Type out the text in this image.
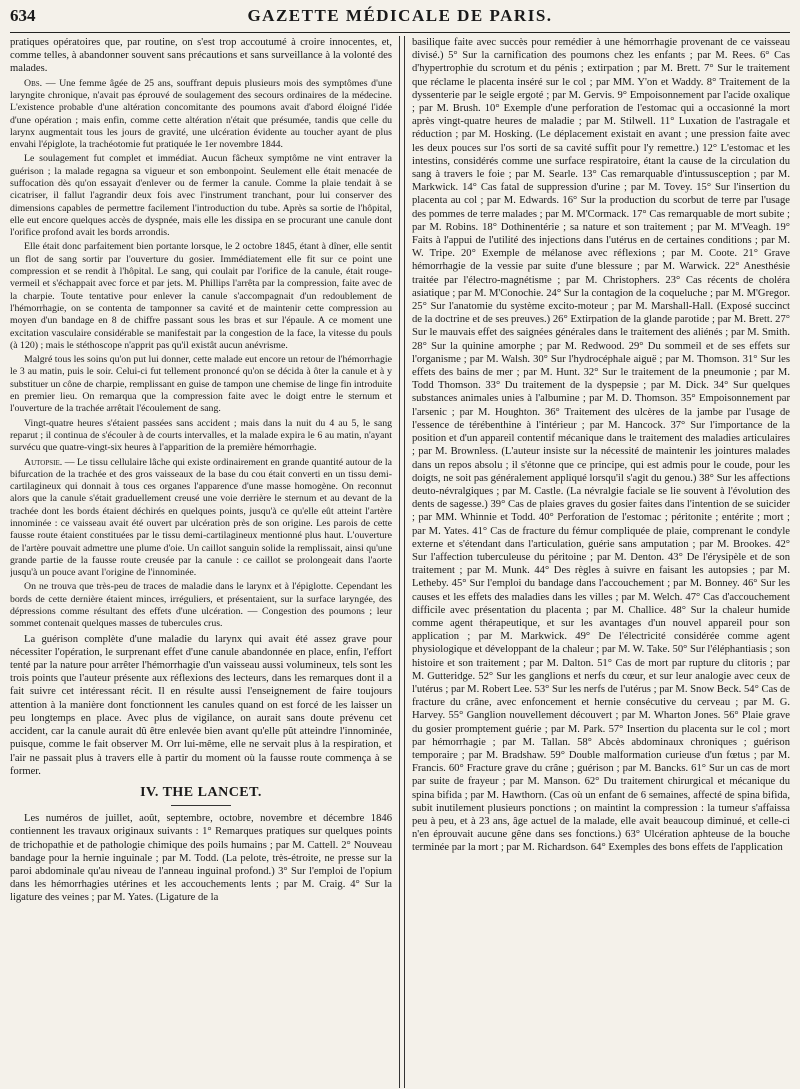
634	GAZETTE MÉDICALE DE PARIS.

pratiques opératoires que, par routine, on s'est trop accoutumé à croire innocentes, et, comme telles, à abandonner souvent sans précautions et sans surveillance à la volonté des malades.

Obs. — Une femme âgée de 25 ans, souffrant depuis plusieurs mois des symptômes d'une laryngite chronique, n'avait pas éprouvé de soulagement des secours ordinaires de la médecine. L'existence probable d'une altération concomitante des poumons avait d'abord éloigné l'idée d'une opération ; mais enfin, comme cette altération n'était que présumée, tandis que celle du larynx augmentait tous les jours de gravité, une ulcération évidente au toucher ayant de plus envahi l'épiglote, la trachéotomie fut pratiquée le 1er novembre 1844.

Le soulagement fut complet et immédiat. Aucun fâcheux symptôme ne vint entraver la guérison ; la malade regagna sa vigueur et son embonpoint. Seulement elle était menacée de suffocation dès qu'on essayait d'enlever ou de fermer la canule. Comme la plaie tendait à se cicatriser, il fallut l'agrandir deux fois avec l'instrument tranchant, pour lui conserver des dimensions capables de permettre facilement l'introduction du tube. Après sa sortie de l'hôpital, elle eut encore quelques accès de dyspnée, mais elle les dissipa en se procurant une canule dont l'orifice profond avait les bords arrondis.

Elle était donc parfaitement bien portante lorsque, le 2 octobre 1845, étant à dîner, elle sentit un flot de sang sortir par l'ouverture du gosier. Immédiatement elle fit sur ce point une compression et se rendit à l'hôpital. Le sang, qui coulait par l'orifice de la canule, était rouge-vermeil et s'échappait avec force et par jets. M. Phillips l'arrêta par la compression, faite avec de la charpie. Toute tentative pour enlever la canule s'accompagnait d'un redoublement de l'hémorrhagie, on se contenta de tamponner sa cavité et de maintenir cette compression au moyen d'un bandage en 8 de chiffre passant sous les bras et sur l'épaule. A ce moment une excitation vasculaire considérable se manifestait par la congestion de la face, la vitesse du pouls (à 120) ; mais le stéthoscope n'apprit pas qu'il existât aucun anévrisme.

Malgré tous les soins qu'on put lui donner, cette malade eut encore un retour de l'hémorrhagie le 3 au matin, puis le soir. Celui-ci fut tellement prononcé qu'on se décida à ôter la canule et à y substituer un cône de charpie, remplissant en guise de tampon une chemise de linge fin introduite en premier lieu. On remarqua que la compression faite avec le doigt entre le sternum et l'ouverture de la trachée arrêtait l'écoulement de sang.

Vingt-quatre heures s'étaient passées sans accident ; mais dans la nuit du 4 au 5, le sang reparut ; il continua de s'écouler à de courts intervalles, et la malade expira le 6 au matin, n'ayant survécu que quatre-vingt-six heures à l'apparition de la première hémorrhagie.

Autopsie. — Le tissu cellulaire lâche qui existe ordinairement en grande quantité autour de la bifurcation de la trachée et des gros vaisseaux de la base du cou était converti en un tissu demi-cartilagineux qui donnait à tous ces organes l'apparence d'une masse homogène. On reconnut alors que la canule s'était graduellement creusé une voie derrière le sternum et au devant de la trachée dont les bords étaient déchirés en quelques points, jusqu'à ce qu'elle eût atteint l'artère innominée : ce vaisseau avait été ouvert par ulcération près de son origine. Les parois de cette fausse route étaient constituées par le tissu demi-cartilagineux mentionné plus haut. L'ouverture de l'artère pouvait admettre une plume d'oie. Un caillot sanguin solide la remplissait, ainsi qu'une grande partie de la fausse route creusée par la canule : ce caillot se prolongeait dans l'aorte jusqu'à un pouce avant l'origine de l'innominée.

On ne trouva que très-peu de traces de maladie dans le larynx et à l'épiglotte. Cependant les bords de cette dernière étaient minces, irréguliers, et présentaient, sur la surface laryngée, des dépressions comme résultant des effets d'une ulcération. — Congestion des poumons ; leur sommet contenait quelques masses de tubercules crus.

La guérison complète d'une maladie du larynx qui avait été assez grave pour nécessiter l'opération, le surprenant effet d'une canule abandonnée en place, enfin, l'effort tenté par la nature pour arrêter l'hémorrhagie d'un vaisseau aussi volumineux, tels sont les trois points que l'auteur présente aux réflexions des lecteurs, dans les remarques dont il a fait suivre cet intéressant récit. Il en résulte aussi l'enseignement de faire toujours attention à la manière dont fonctionnent les canules quand on est forcé de les laisser un peu longtemps en place. Avec plus de vigilance, on aurait sans doute prévenu cet accident, car la canule aurait dû être enlevée bien avant qu'elle pût atteindre l'innominée, puisque, comme le fait observer M. Orr lui-même, elle ne servait plus à la respiration, et l'air ne passait plus à travers elle à partir du moment où la fausse route commença à se former.

IV. THE LANCET.

Les numéros de juillet, août, septembre, octobre, novembre et décembre 1846 contiennent les travaux originaux suivants : 1° Remarques pratiques sur quelques points de trichopathie et de pathologie chimique des poils humains ; par M. Cattell. 2° Nouveau bandage pour la hernie inguinale ; par M. Todd. (La pelote, très-étroite, ne presse sur la paroi abdominale qu'au niveau de l'anneau inguinal profond.) 3° Sur l'emploi de l'opium dans les hémorrhagies utérines et les accouchements lents ; par M. Craig. 4° Sur la ligature des veines ; par M. Yates. (Ligature de la

basilique faite avec succès pour remédier à une hémorrhagie provenant de ce vaisseau divisé.) 5° Sur la carnification des poumons chez les enfants ; par M. Rees. 6° Cas d'hypertrophie du scrotum et du pénis ; extirpation ; par M. Brett. 7° Sur le traitement que réclame le placenta inséré sur le col ; par MM. Y'on et Waddy. 8° Traitement de la dyssenterie par le seigle ergoté ; par M. Gervis. 9° Empoisonnement par l'acide oxalique ; par M. Brush. 10° Exemple d'une perforation de l'estomac qui a occasionné la mort après vingt-quatre heures de maladie ; par M. Stilwell. 11° Luxation de l'astragale et réduction ; par M. Hosking. (Le déplacement existait en avant ; une pression faite avec les deux pouces sur l'os sorti de sa cavité suffit pour l'y remettre.) 12° L'estomac et les intestins, considérés comme une surface respiratoire, étant la cause de la circulation du sang à travers le foie ; par M. Searle. 13° Cas remarquable d'intussusception ; par M. Markwick. 14° Cas fatal de suppression d'urine ; par M. Tovey. 15° Sur l'insertion du placenta au col ; par M. Edwards. 16° Sur la production du scorbut de terre par l'usage des pommes de terre malades ; par M. M'Cormack. 17° Cas remarquable de mort subite ; par M. Robins. 18° Dothinentérie ; sa nature et son traitement ; par M. M'Veagh. 19° Faits à l'appui de l'utilité des injections dans l'utérus en de certaines conditions ; par M. W. Tripe. 20° Exemple de mélanose avec réflexions ; par M. Coote. 21° Grave hémorrhagie de la vessie par suite d'une blessure ; par M. Warwick. 22° Anesthésie traitée par l'électro-magnétisme ; par M. Christophers. 23° Cas récents de choléra asiatique ; par M. M'Conochie. 24° Sur la contagion de la coqueluche ; par M. M'Gregor. 25° Sur l'anatomie du système excito-moteur ; par M. Marshall-Hall. (Exposé succinct de la doctrine et de ses preuves.) 26° Extirpation de la glande parotide ; par M. Brett. 27° Sur le mauvais effet des saignées générales dans le traitement des aliénés ; par M. Smith. 28° Sur la quinine amorphe ; par M. Redwood. 29° Du sommeil et de ses effets sur l'organisme ; par M. Walsh. 30° Sur l'hydrocéphale aiguë ; par M. Thomson. 31° Sur les effets des bains de mer ; par M. Hunt. 32° Sur le traitement de la pneumonie ; par M. Todd Thomson. 33° Du traitement de la dyspepsie ; par M. Dick. 34° Sur quelques substances animales unies à l'albumine ; par M. D. Thomson. 35° Empoisonnement par l'arsenic ; par M. Houghton. 36° Traitement des ulcères de la jambe par l'usage de l'essence de térébenthine à l'intérieur ; par M. Hancock. 37° Sur l'importance de la position et d'un appareil contentif mécanique dans le traitement des maladies articulaires ; par M. Brownless. (L'auteur insiste sur la nécessité de maintenir les jointures malades dans un repos absolu ; il s'étonne que ce principe, qui est admis pour le coude, pour les doigts, ne soit pas généralement appliqué lorsqu'il s'agit du genou.) 38° Sur les affections deuto-névralgiques ; par M. Castle. (La névralgie faciale se lie souvent à l'évolution des dents de sagesse.) 39° Cas de plaies graves du gosier faites dans l'intention de se suicider ; par MM. Whinnie et Todd. 40° Perforation de l'estomac ; péritonite ; entérite ; mort ; par M. Yates. 41° Cas de fracture du fémur compliquée de plaie, comprenant le condyle externe et s'étendant dans l'articulation, guérie sans amputation ; par M. Brookes. 42° Sur l'affection tuberculeuse du péritoine ; par M. Denton. 43° De l'érysipèle et de son traitement ; par M. Munk. 44° Des règles à suivre en faisant les autopsies ; par M. Letheby. 45° Sur l'emploi du bandage dans l'accouchement ; par M. Bonney. 46° Sur les causes et les effets des maladies dans les villes ; par M. Welch. 47° Cas d'accouchement difficile avec présentation du placenta ; par M. Challice. 48° Sur la chaleur humide comme agent thérapeutique, et sur les avantages d'un nouvel appareil pour son application ; par M. Markwick. 49° De l'électricité considérée comme agent physiologique et développant de la chaleur ; par M. W. Take. 50° Sur l'éléphantiasis ; son histoire et son traitement ; par M. Dalton. 51° Cas de mort par rupture du clitoris ; par M. Gutteridge. 52° Sur les ganglions et nerfs du cœur, et sur leur analogie avec ceux de l'utérus ; par M. Robert Lee. 53° Sur les nerfs de l'utérus ; par M. Snow Beck. 54° Cas de fracture du crâne, avec enfoncement et hernie consécutive du cerveau ; par M. G. Harvey. 55° Ganglion nouvellement découvert ; par M. Wharton Jones. 56° Plaie grave du gosier promptement guérie ; par M. Park. 57° Insertion du placenta sur le col ; mort par hémorrhagie ; par M. Tallan. 58° Abcès abdominaux chroniques ; guérison temporaire ; par M. Bradshaw. 59° Double malformation curieuse d'un fœtus ; par M. Francis. 60° Fracture grave du crâne ; guérison ; par M. Bancks. 61° Sur un cas de mort par suite de frayeur ; par M. Manson. 62° Du traitement chirurgical et mécanique du spina bifida ; par M. Hawthorn. (Cas où un enfant de 6 semaines, affecté de spina bifida, subit inutilement plusieurs ponctions ; on maintint la compression : la tumeur s'affaissa peu à peu, et à 23 ans, âge actuel de la malade, elle avait beaucoup diminué, et celle-ci n'en éprouvait aucune gêne dans ses fonctions.) 63° Ulcération aphteuse de la bouche terminée par la mort ; par M. Richardson. 64° Exemples des bons effets de l'application
